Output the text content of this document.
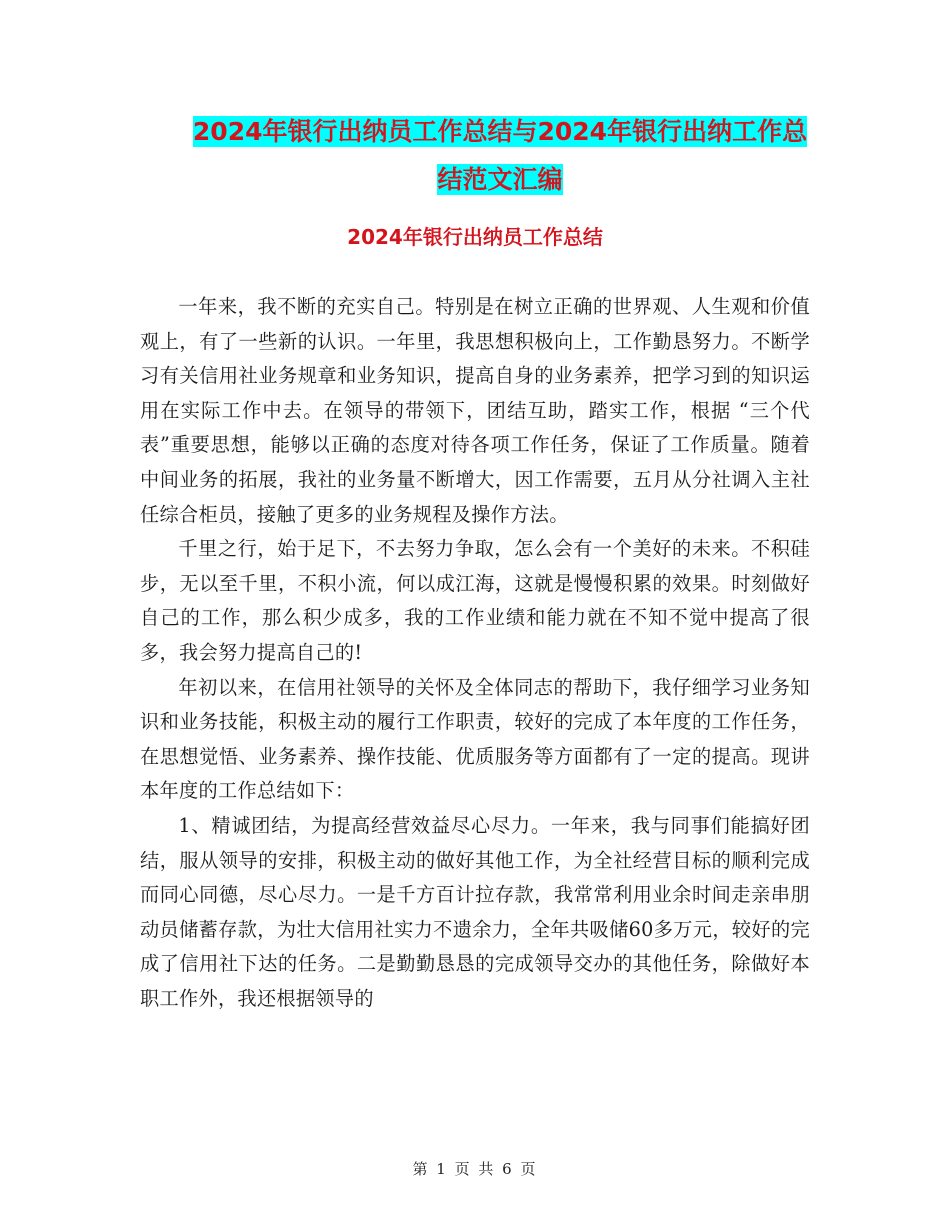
2024年银行出纳员工作总结与2024年银行出纳工作总
结范文汇编
2024年银行出纳员工作总结

一年来，我不断的充实自己。特别是在树立正确的世界观、人生观和价值观上，有了一些新的认识。一年里，我思想积极向上，工作勤恳努力。不断学习有关信用社业务规章和业务知识，提高自身的业务素养，把学习到的知识运用在实际工作中去。在领导的带领下，团结互助，踏实工作，根据 “三个代表”重要思想，能够以正确的态度对待各项工作任务，保证了工作质量。随着中间业务的拓展，我社的业务量不断增大，因工作需要，五月从分社调入主社任综合柜员，接触了更多的业务规程及操作方法。

千里之行，始于足下，不去努力争取，怎么会有一个美好的未来。不积硅步，无以至千里，不积小流，何以成江海，这就是慢慢积累的效果。时刻做好自己的工作，那么积少成多，我的工作业绩和能力就在不知不觉中提高了很多，我会努力提高自己的!

年初以来，在信用社领导的关怀及全体同志的帮助下，我仔细学习业务知识和业务技能，积极主动的履行工作职责，较好的完成了本年度的工作任务，在思想觉悟、业务素养、操作技能、优质服务等方面都有了一定的提高。现讲本年度的工作总结如下：

1、精诚团结，为提高经营效益尽心尽力。一年来，我与同事们能搞好团结，服从领导的安排，积极主动的做好其他工作，为全社经营目标的顺利完成而同心同德，尽心尽力。一是千方百计拉存款，我常常利用业余时间走亲串朋动员储蓄存款，为壮大信用社实力不遗余力，全年共吸储60多万元，较好的完成了信用社下达的任务。二是勤勤恳恳的完成领导交办的其他任务，除做好本职工作外，我还根据领导的

第 1 页 共 6 页
